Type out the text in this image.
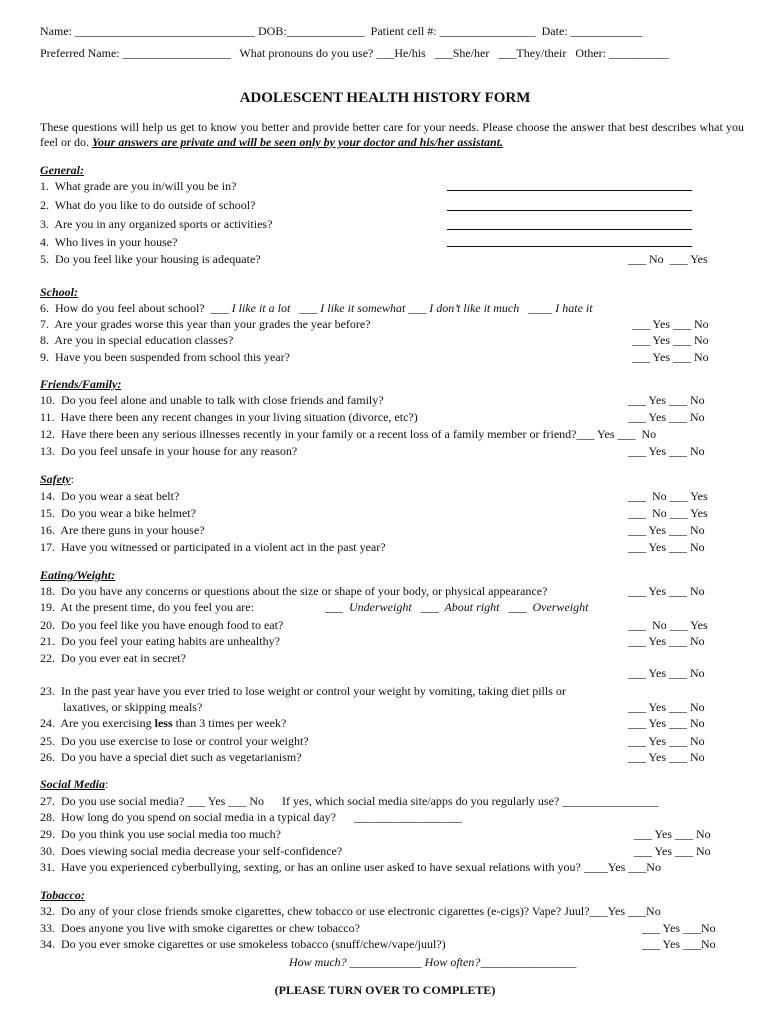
Name: ______________________________ DOB:_____________  Patient cell #: ________________  Date: ____________
Preferred Name: __________________   What pronouns do you use? ___He/his   ___She/her   ___They/their   Other: __________
ADOLESCENT HEALTH HISTORY FORM
These questions will help us get to know you better and provide better care for your needs. Please choose the answer that best describes what you feel or do. Your answers are private and will be seen only by your doctor and his/her assistant.
General:
1.  What grade are you in/will you be in?
2.  What do you like to do outside of school?
3.  Are you in any organized sports or activities?
4.  Who lives in your house?
5.  Do you feel like your housing is adequate?	___ No  ___ Yes
School:
6.  How do you feel about school?  ___ I like it a lot   ___ I like it somewhat ___ I don’t like it much   ____ I hate it
7.  Are your grades worse this year than your grades the year before?	___ Yes ___ No
8.  Are you in special education classes?	___ Yes ___ No
9.  Have you been suspended from school this year?	___ Yes ___ No
Friends/Family:
10.  Do you feel alone and unable to talk with close friends and family?	___ Yes ___ No
11.  Have there been any recent changes in your living situation (divorce, etc?)	___ Yes ___ No
12.  Have there been any serious illnesses recently in your family or a recent loss of a family member or friend?___ Yes ___  No
13.  Do you feel unsafe in your house for any reason?	___ Yes ___ No
Safety:
14.  Do you wear a seat belt?	___  No ___ Yes
15.  Do you wear a bike helmet?	___  No ___ Yes
16.  Are there guns in your house?	___ Yes ___ No
17.  Have you witnessed or participated in a violent act in the past year?	___ Yes ___ No
Eating/Weight:
18.  Do you have any concerns or questions about the size or shape of your body, or physical appearance?	___ Yes ___ No
19.  At the present time, do you feel you are:	___  Underweight   ___  About right   ___  Overweight
20.  Do you feel like you have enough food to eat?	___  No ___ Yes
21.  Do you feel your eating habits are unhealthy?	___ Yes ___ No
22.  Do you ever eat in secret?
___ Yes ___ No
23.  In the past year have you ever tried to lose weight or control your weight by vomiting, taking diet pills or
laxatives, or skipping meals?	___ Yes ___ No
24.  Are you exercising less than 3 times per week?	___ Yes ___ No
25.  Do you use exercise to lose or control your weight?	___ Yes ___ No
26.  Do you have a special diet such as vegetarianism?	___ Yes ___ No
Social Media:
27.  Do you use social media? ___ Yes ___ No      If yes, which social media site/apps do you regularly use? ________________
28.  How long do you spend on social media in a typical day?      __________________
29.  Do you think you use social media too much?	___ Yes ___ No
30.  Does viewing social media decrease your self-confidence?	___ Yes ___ No
31.  Have you experienced cyberbullying, sexting, or has an online user asked to have sexual relations with you? ____Yes ___No
Tobacco:
32.  Do any of your close friends smoke cigarettes, chew tobacco or use electronic cigarettes (e-cigs)? Vape? Juul?___Yes ___No
33.  Does anyone you live with smoke cigarettes or chew tobacco?	___ Yes ___No
34.  Do you ever smoke cigarettes or use smokeless tobacco (snuff/chew/vape/juul?)	___ Yes ___No
How much? ____________ How often?________________
(PLEASE TURN OVER TO COMPLETE)
